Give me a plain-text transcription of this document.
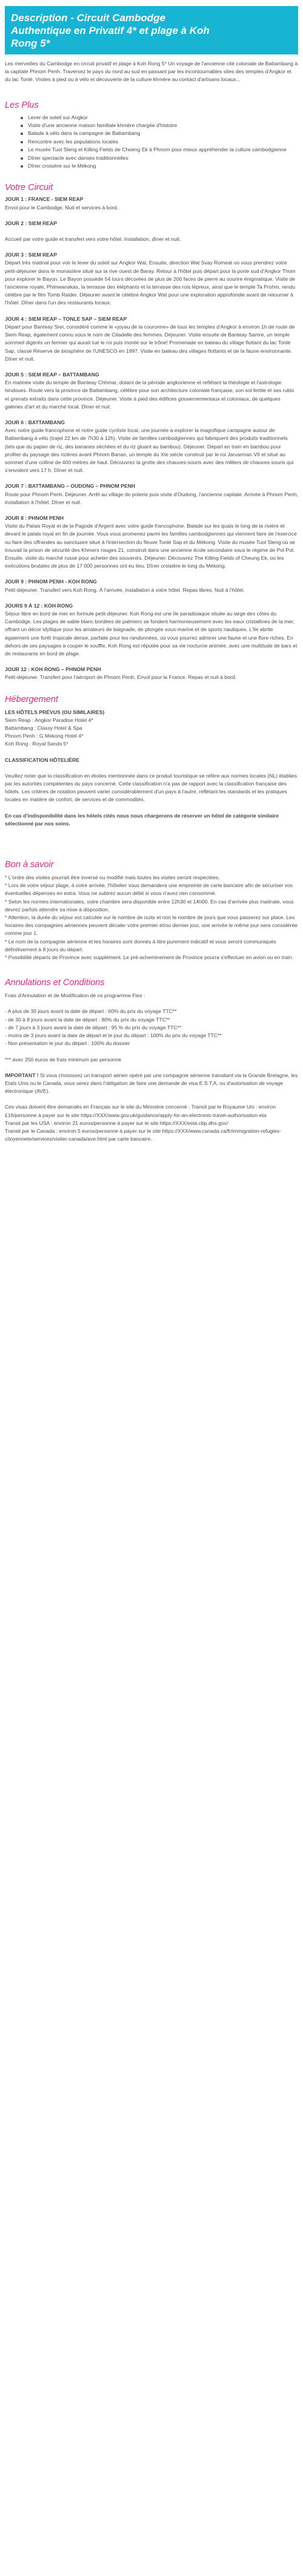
Description - Circuit Cambodge
Authentique en Privatif 4* et plage à Koh
Rong 5*

Les merveilles du Cambodge en circuit privatif et plage à Koh Rong 5* Un voyage de l'ancienne cité coloniale de Battambang à la capitale Phnom Penh. Traversez le pays du nord au sud en passant par les incontournables sites des temples d'Angkor et du lac Tonlé. Visites à pied ou à vélo et découverte de la culture khmère au contact d'artisans locaux...

Les Plus
Lever de soleil sur Angkor
Visite d'une ancienne maison familiale khmère chargée d'histoire
Balade à vélo dans la campagne de Battambang
Rencontre avec les populations locales
Le musée Tuol Sleng et Killing Fields de Choeng Ek à Phnom pour mieux appréhender la culture cambodgienne
Dîner spectacle avec danses traditionnelles
Dîner croisière sur le Mékong
Votre Circuit

JOUR 1 : FRANCE - SIEM REAP

Envol pour le Cambodge. Nuit et services à bord.

JOUR 2 : SIEM REAP

Accueil par votre guide et transfert vers votre hôtel. Installation, dîner et nuit.

JOUR 3 : SIEM REAP

Départ très matinal pour voir le lever du soleil sur Angkor Wat. Ensuite, direction Wat Svay Romeat où vous prendrez votre petit-déjeuner dans le monastère situé sur la rive ouest de Baray. Retour à l'hôtel puis départ pour la porte sud d'Angkor Thom pour explorer le Bayon. Le Bayon possède 54 tours décorées de plus de 200 faces de pierre au sourire énigmatique. Visite de l'ancienne royale, Phimeanakas, la terrasse des éléphants et la terrasse des rois lépreux, ainsi que le temple Ta Prohm, rendu célèbre par le film Tomb Raider. Déjeuner avant le célèbre Angkor Wat pour une exploration approfondie avant de retourner à l'hôtel. Dîner dans l'un des restaurants locaux.

JOUR 4 : SIEM REAP – TONLE SAP – SIEM REAP

Départ pour Banteay Srei, considéré comme le «joyau de la couronne» de tous les temples d'Angkor à environ 1h de route de Siem Reap, également connu sous le nom de Citadelle des femmes. Déjeuner. Visite ensuite de Banteay Samre, un temple sommeil digérés un fermier qui aurait tué le roi puis monté sur le trône! Promenade en bateau du village flottant du lac Tonlé Sap, classé Réserve de biosphère de l'UNESCO en 1997. Visite en bateau des villages flottants et de la faune environnante. Dîner et nuit.

JOUR 5 : SIEM REAP – BATTAMBANG

En matinée visite du temple de Banteay Chhmar, dotant de la période angkorienne et reflétant la théologie et l'astrologie hindoues. Route vers la province de Battambang, célèbre pour son architecture coloniale française, son sol fertile et ses rubis et grenats extraits dans cette province. Déjeuner. Visite à pied des édifices gouvernementaux et coloniaux, de quelques galeries d'art et du marché local. Dîner et nuit.

JOUR 6 : BATTAMBANG

Avec notre guide francophone et notre guide cycliste local, une journée à explorer la magnifique campagne autour de Battambang à vélo (trajet 22 km de 7h30 à 12h). Visite de familles cambodgiennes qui fabriquent des produits traditionnels (tels que du papier de riz, des bananes séchées et du riz gluant au bambou). Déjeuner. Départ en train en bambou pour profiter du paysage des rizières avant Phnom Banan, un temple du XIe siècle construit par le roi Jarvarman VII et situé au sommet d'une colline de 400 mètres de haut. Découvrez la grotte des chauves-souris avec des milliers de chauves-souris qui s'envolent vers 17 h. Dîner et nuit.

JOUR 7 : BATTAMBANG – OUDONG – PHNOM PENH

Route pour Phnom Penh. Déjeuner. Arrêt au village de poterie puis visite d'Oudong, l'ancienne capitale. Arrivée à Phnom Penh, installation à l'hôtel. Dîner et nuit.

JOUR 8 : PHNOM PENH

Visite du Palais Royal et de la Pagode d'Argent avec votre guide francophone. Balade sur les quais le long de la rivière et devant le palais royal en fin de journée. Vous vous promenez parmi les familles cambodgiennes qui viennent faire de l'exercice ou faire des offrandes au sanctuaire situé à l'intersection du fleuve Tonlé Sap et du Mékong. Visite du musée Tuol Sleng où se trouvait la prison de sécurité des Khmers rouges 21, construit dans une ancienne école secondaire sous le régime de Pol Pot. Ensuite, visite du marché russe pour acheter des souvenirs. Déjeuner. Découvrez The Killing Fields of Cheung Ek, où les exécutions brutales de plus de 17 000 personnes ont eu lieu. Dîner croisière le long du Mékong.

JOUR 9 : PHNOM PENH - KOH RONG

Petit-déjeuner. Transfert vers Koh Rong. À l'arrivée, installation à votre hôtel. Repas libres. Nuit à l'hôtel.

JOURS 9 À 12 : KOH RONG

Séjour libre en bord de mer en formule petit-déjeuner. Koh Rong est une île paradisiaque située au large des côtes du Cambodge. Les plages de sable blanc bordées de palmiers se fondent harmonieusement avec les eaux cristallines de la mer, offrant un décor idyllique pour les amateurs de baignade, de plongée sous-marine et de sports nautiques. L'île abrite également une forêt tropicale dense, parfaite pour les randonnées, où vous pourrez admirer une faune et une flore riches. En dehors de ses paysages à couper le souffle, Koh Rong est réputée pour sa vie nocturne animée, avec une multitude de bars et de restaurants en bord de plage.

JOUR 12 : KOH RONG – PHNOM PENH

Petit-déjeuner. Transfert pour l'aéroport de Phnom Penh. Envol pour la France. Repas et nuit à bord.

Hébergement

LES HÔTELS PRÉVUS (OU SIMILAIRES)

Siem Reap : Angkor Paradise Hotel 4*

Battambang : Classy Hotel & Spa

Phnom Penh : G Mekong Hotel 4*

Koh Rong : Royal Sands 5*

CLASSIFICATION HÔTELIÈRE

Veuillez noter que la classification en étoiles mentionnée dans ce produit touristique se réfère aux normes locales (NL) établies par les autorités compétentes du pays concerné. Cette classification n'a pas de rapport avec la classification française des hôtels. Les critères de notation peuvent varier considérablement d'un pays à l'autre, reflétant les standards et les pratiques locales en matière de confort, de services et de commodités.

En cas d'indisponibilité dans les hôtels cités nous nous chargerons de réserver un hôtel de catégorie similaire sélectionné par nos soins.

Bon à savoir

* L'ordre des visites pourrait être inversé ou modifié mais toutes les visites seront respectées.

* Lors de votre séjour plage, à votre arrivée, l'hôtelier vous demandera une empreinte de carte bancaire afin de sécuriser vos éventuelles dépenses en extra. Vous ne subirez aucun débit si vous n'avez rien consommé.

* Selon les normes internationales, votre chambre sera disponible entre 12h30 et 14h00. En cas d'arrivée plus matinale, vous devrez parfois attendre sa mise à disposition.

* Attention, la durée du séjour est calculée sur le nombre de nuits et non le nombre de jours que vous passerez sur place. Les horaires des compagnies aériennes peuvent décaler votre premier et/ou dernier jour, une arrivée le même jour sera considérée comme jour 1.

* Le nom de la compagnie aérienne et les horaires sont donnés à titre purement indicatif et vous seront communiqués définitivement à 8 jours du départ.

* Possibilité départs de Province avec supplément. Le pré-acheminement de Province pourra s'effectuer en avion ou en train.

Annulations et Conditions

Frais d'Annulation et de Modification de ce programme Flex :

- A plus de 30 jours avant la date de départ : 60% du prix du voyage TTC**

- de 30 à 8 jours avant la date de départ : 80% du prix du voyage TTC**

- de 7 jours à 3 jours avant la date de départ : 95 % du prix du voyage TTC**

- moins de 3 jours avant la date de départ et le jour du départ : 100% du prix du voyage TTC**

- Non présentation le jour du départ : 100% du dossier

*** avec 250 euros de frais minimum par personne

IMPORTANT ! Si vous choisissez un transport aérien opéré par une compagnie aérienne transitant via la Grande Bretagne, les Etats Unis ou le Canada, vous serez dans l'obligation de faire une demande de visa E.S.T.A. ou d'autorisation de voyage électronique (AVE).

Ces visas doivent être demandés en Français sur le site du Ministère concerné : Transit par le Royaume Uni : environ £16/personne à payer sur le site https://XXX/www.gov.uk/guidance/apply-for-an-electronic-travel-authorisation-eta

Transit par les USA : environ 21 euros/personne à payer sur le site https://XXX/esta.cbp.dhs.gov/

Transit par le Canada : environ 5 euros/personne à payer sur le site https://XXX/www.canada.ca/fr/immigration-refugies-citoyennete/services/visiter-canada/ave.html par carte bancaire.
